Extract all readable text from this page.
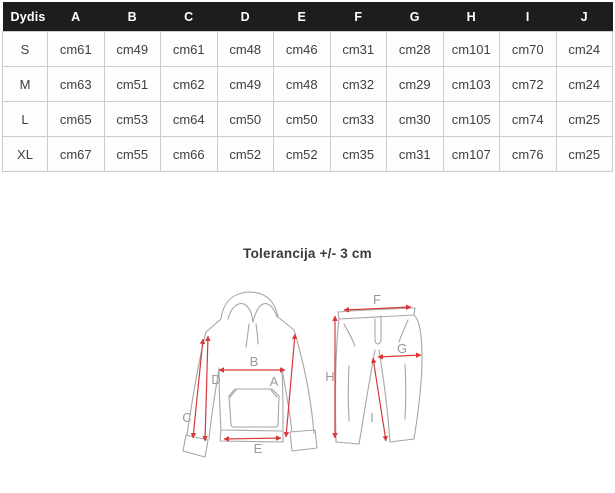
Dydis	A	B	C	D	E	F	G	H	I	J
S	cm61	cm49	cm61	cm48	cm46	cm31	cm28	cm101	cm70	cm24
M	cm63	cm51	cm62	cm49	cm48	cm32	cm29	cm103	cm72	cm24
L	cm65	cm53	cm64	cm50	cm50	cm33	cm30	cm105	cm74	cm25
XL	cm67	cm55	cm66	cm52	cm52	cm35	cm31	cm107	cm76	cm25
Tolerancija +/- 3 cm
A
B
C
D
E
F
G
H
I
